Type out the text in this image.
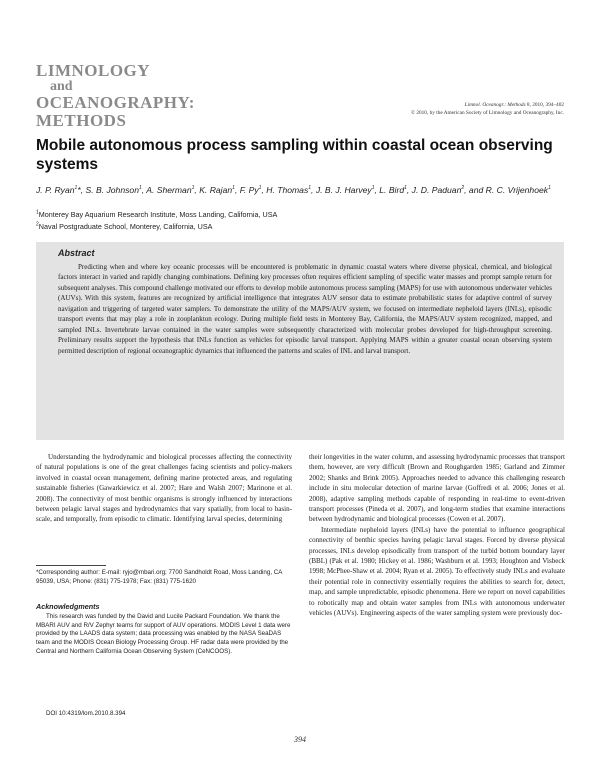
LIMNOLOGY
and
OCEANOGRAPHY: METHODS
Limnol. Oceanogr.: Methods 8, 2010, 394–402
© 2010, by the American Society of Limnology and Oceanography, Inc.
Mobile autonomous process sampling within coastal ocean observing systems
J. P. Ryan$^1$*, S. B. Johnson$^1$, A. Sherman$^1$, K. Rajan$^1$, F. Py$^1$, H. Thomas$^1$, J. B. J. Harvey$^1$, L. Bird$^1$, J. D. Paduan$^2$, and R. C. Vrijenhoek$^1$
$^1$Monterey Bay Aquarium Research Institute, Moss Landing, California, USA
$^2$Naval Postgraduate School, Monterey, California, USA
Abstract

Predicting when and where key oceanic processes will be encountered is problematic in dynamic coastal waters where diverse physical, chemical, and biological factors interact in varied and rapidly changing combinations. Defining key processes often requires efficient sampling of specific water masses and prompt sample return for subsequent analyses. This compound challenge motivated our efforts to develop mobile autonomous process sampling (MAPS) for use with autonomous underwater vehicles (AUVs). With this system, features are recognized by artificial intelligence that integrates AUV sensor data to estimate probabilistic states for adaptive control of survey navigation and triggering of targeted water samplers. To demonstrate the utility of the MAPS/AUV system, we focused on intermediate nepheloid layers (INLs), episodic transport events that may play a role in zooplankton ecology. During multiple field tests in Monterey Bay, California, the MAPS/AUV system recognized, mapped, and sampled INLs. Invertebrate larvae contained in the water samples were subsequently characterized with molecular probes developed for high-throughput screening. Preliminary results support the hypothesis that INLs function as vehicles for episodic larval transport. Applying MAPS within a greater coastal ocean observing system permitted description of regional oceanographic dynamics that influenced the patterns and scales of INL and larval transport.

Understanding the hydrodynamic and biological processes affecting the connectivity of natural populations is one of the great challenges facing scientists and policy-makers involved in coastal ocean management, defining marine protected areas, and regulating sustainable fisheries (Gawarkiewicz et al. 2007; Hare and Walsh 2007; Marinone et al. 2008). The connectivity of most benthic organisms is strongly influenced by interactions between pelagic larval stages and hydrodynamics that vary spatially, from local to basin-scale, and temporally, from episodic to climatic. Identifying larval species, determining

their longevities in the water column, and assessing hydrodynamic processes that transport them, however, are very difficult (Brown and Roughgarden 1985; Garland and Zimmer 2002; Shanks and Brink 2005). Approaches needed to advance this challenging research include in situ molecular detection of marine larvae (Goffredi et al. 2006; Jones et al. 2008), adaptive sampling methods capable of responding in real-time to event-driven transport processes (Pineda et al. 2007), and long-term studies that examine interactions between hydrodynamic and biological processes (Cowen et al. 2007).

Intermediate nepheloid layers (INLs) have the potential to influence geographical connectivity of benthic species having pelagic larval stages. Forced by diverse physical processes, INLs develop episodically from transport of the turbid bottom boundary layer (BBL) (Pak et al. 1980; Hickey et al. 1986; Washburn et al. 1993; Houghton and Visbeck 1998; McPhee-Shaw et al. 2004; Ryan et al. 2005). To effectively study INLs and evaluate their potential role in connectivity essentially requires the abilities to search for, detect, map, and sample unpredictable, episodic phenomena. Here we report on novel capabilities to robotically map and obtain water samples from INLs with autonomous underwater vehicles (AUVs). Engineering aspects of the water sampling system were previously doc-

*Corresponding author: E-mail: ryjo@mbari.org; 7700 Sandholdt Road, Moss Landing, CA 95039, USA; Phone: (831) 775-1978; Fax: (831) 775-1620
Acknowledgments

This research was funded by the David and Lucile Packard Foundation. We thank the MBARI AUV and R/V Zephyr teams for support of AUV operations. MODIS Level 1 data were provided by the LAADS data system; data processing was enabled by the NASA SeaDAS team and the MODIS Ocean Biology Processing Group. HF radar data were provided by the Central and Northern California Ocean Observing System (CeNCOOS).

DOI 10:4319/lom.2010.8.394
394
